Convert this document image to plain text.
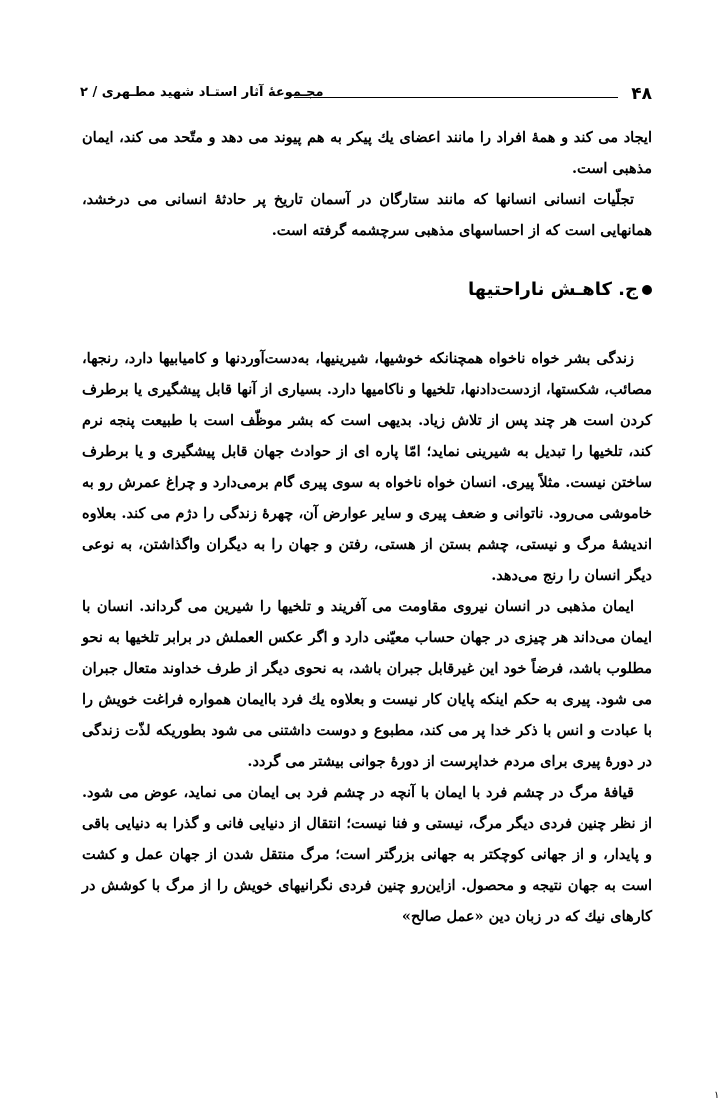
۴۸
مجـموعهٔ آثار استـاد شهید مطـهری / ۲

ایجاد می کند و همهٔ افراد را مانند اعضای یك پیکر به هم پیوند می دهد و متّحد می کند، ایمان مذهبی است.

تجلّیات انسانی انسانها که مانند ستارگان در آسمان تاریخ پر حادثهٔ انسانی می درخشد، همانهایی است که از احساسهای مذهبی سرچشمه گرفته است.

ج. کاهـش ناراحتیها

زندگی بشر خواه ناخواه همچنانکه خوشیها، شیرینیها، به‌دست‌آوردنها و کامیابیها دارد، رنجها، مصائب، شکستها، ازدست‌دادنها، تلخیها و ناکامیها دارد. بسیاری از آنها قابل پیشگیری یا برطرف کردن است هر چند پس از تلاش زیاد. بدیهی است که بشر موظّف است با طبیعت پنجه نرم کند، تلخیها را تبدیل به شیرینی نماید؛ امّا پاره ای از حوادث جهان قابل پیشگیری و یا برطرف ساختن نیست. مثلاً پیری. انسان خواه ناخواه به سوی پیری گام برمی‌دارد و چراغ عمرش رو به خاموشی می‌رود. ناتوانی و ضعف پیری و سایر عوارض آن، چهرهٔ زندگی را دژم می کند. بعلاوه اندیشهٔ مرگ و نیستی، چشم بستن از هستی، رفتن و جهان را به دیگران واگذاشتن، به نوعی دیگر انسان را رنج می‌دهد.

ایمان مذهبی در انسان نیروی مقاومت می آفریند و تلخیها را شیرین می گرداند. انسان با ایمان می‌داند هر چیزی در جهان حساب معیّنی دارد و اگر عکس العملش در برابر تلخیها به نحو مطلوب باشد، فرضاً خود این غیرقابل جبران باشد، به نحوی دیگر از طرف خداوند متعال جبران می شود. پیری به حکم اینکه پایان کار نیست و بعلاوه یك فرد باایمان همواره فراغت خویش را با عبادت و انس با ذکر خدا پر می کند، مطبوع و دوست داشتنی می شود بطوریکه لذّت زندگی در دورهٔ پیری برای مردم خداپرست از دورهٔ جوانی بیشتر می گردد.

قیافهٔ مرگ در چشم فرد با ایمان با آنچه در چشم فرد بی ایمان می نماید، عوض می شود. از نظر چنین فردی دیگر مرگ، نیستی و فنا نیست؛ انتقال از دنیایی فانی و گذرا به دنیایی باقی و پایدار، و از جهانی کوچکتر به جهانی بزرگتر است؛ مرگ منتقل شدن از جهان عمل و کشت است به جهان نتیجه و محصول. ازاین‌رو چنین فردی نگرانیهای خویش را از مرگ با کوشش در کارهای نیك که در زبان دین «عمل صالح»

۱
